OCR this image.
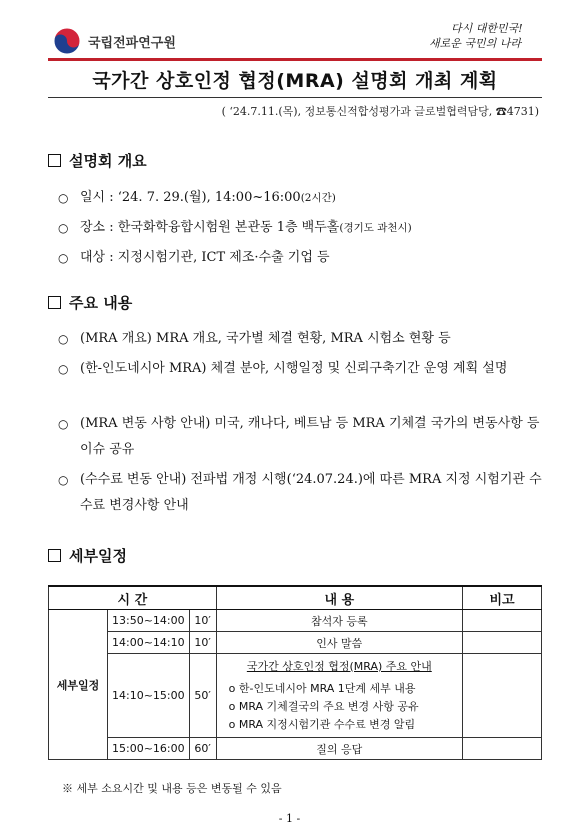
국립전파연구원
다시 대한민국!
새로운 국민의 나라
국가간 상호인정 협정(MRA) 설명회 개최 계획
( ‘24.7.11.(목), 정보통신적합성평가과 글로벌협력담당, ☎4731)
설명회 개요
○ 일시 : ‘24. 7. 29.(월), 14:00~16:00(2시간)
○ 장소 : 한국화학융합시험원 본관동 1층 백두홀(경기도 과천시)
○ 대상 : 지정시험기관, ICT 제조·수출 기업 등
주요 내용
○ (MRA 개요) MRA 개요, 국가별 체결 현황, MRA 시험소 현황 등
○ (한-인도네시아 MRA) 체결 분야, 시행일정 및 신뢰구축기간 운영 계획 설명
○ (MRA 변동 사항 안내) 미국, 캐나다, 베트남 등 MRA 기체결 국가의 변동사항 등 이슈 공유
○ (수수료 변동 안내) 전파법 개정 시행(‘24.07.24.)에 따른 MRA 지정 시험기관 수수료 변경사항 안내
세부일정
시 간			내 용	비고
세부일정	13:50~14:00	10′	참석자 등록	
	14:00~14:10	10′	인사 말씀	
	14:10~15:00	50′	국가간 상호인정 협정(MRA) 주요 안내
o 한-인도네시아 MRA 1단계 세부 내용
o MRA 기체결국의 주요 변경 사항 공유
o MRA 지정시험기관 수수료 변경 알림	

	15:00~16:00	60′	질의 응답	
※ 세부 소요시간 및 내용 등은 변동될 수 있음
- 1 -
